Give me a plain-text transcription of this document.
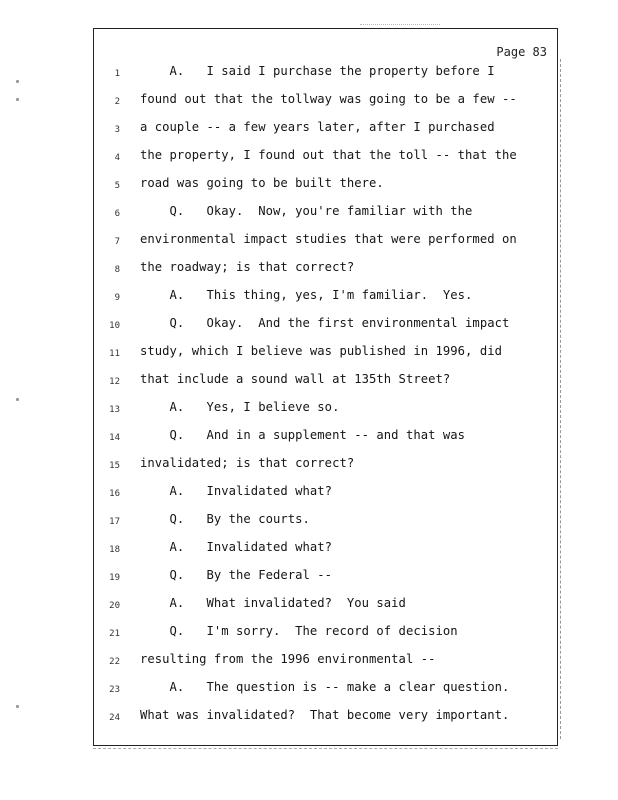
Page 83
1 A.   I said I purchase the property before I
2 found out that the tollway was going to be a few --
3 a couple -- a few years later, after I purchased
4 the property, I found out that the toll -- that the
5 road was going to be built there.
6 Q.   Okay.  Now, you're familiar with the
7 environmental impact studies that were performed on
8 the roadway; is that correct?
9 A.   This thing, yes, I'm familiar.  Yes.
10 Q.   Okay.  And the first environmental impact
11 study, which I believe was published in 1996, did
12 that include a sound wall at 135th Street?
13 A.   Yes, I believe so.
14 Q.   And in a supplement -- and that was
15 invalidated; is that correct?
16 A.   Invalidated what?
17 Q.   By the courts.
18 A.   Invalidated what?
19 Q.   By the Federal --
20 A.   What invalidated?  You said
21 Q.   I'm sorry.  The record of decision
22 resulting from the 1996 environmental --
23 A.   The question is -- make a clear question.
24 What was invalidated?  That become very important.
